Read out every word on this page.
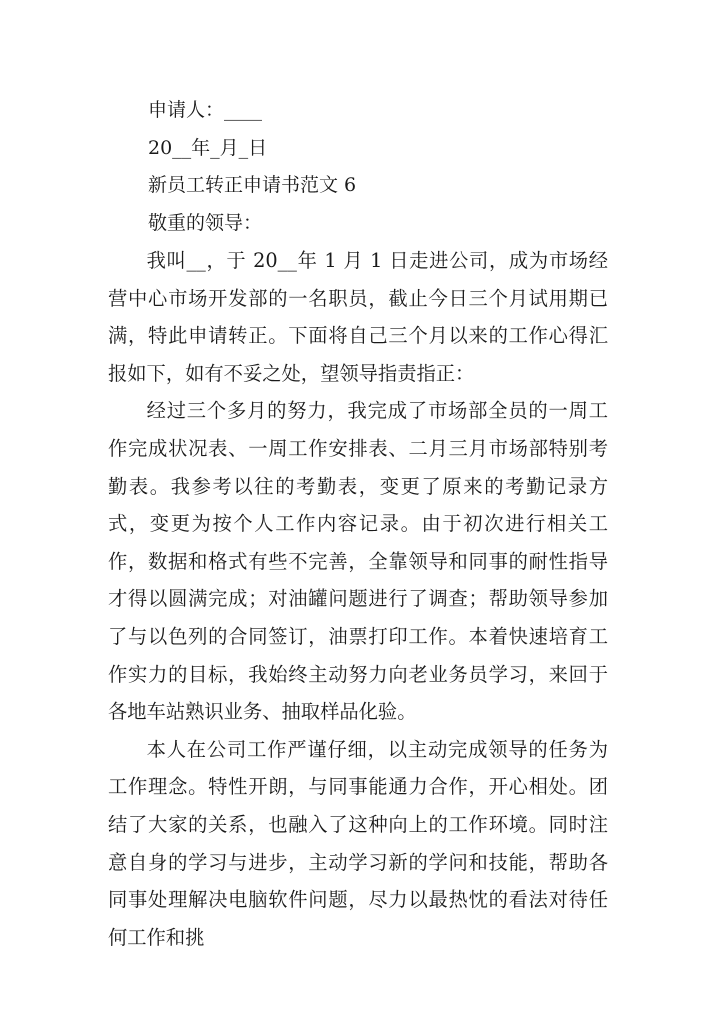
申请人：____

20__年_月_日

新员工转正申请书范文 6

敬重的领导：

我叫__，于 20__年 1 月 1 日走进公司，成为市场经营中心市场开发部的一名职员，截止今日三个月试用期已满，特此申请转正。下面将自己三个月以来的工作心得汇报如下，如有不妥之处，望领导指责指正：

经过三个多月的努力，我完成了市场部全员的一周工作完成状况表、一周工作安排表、二月三月市场部特别考勤表。我参考以往的考勤表，变更了原来的考勤记录方式，变更为按个人工作内容记录。由于初次进行相关工作，数据和格式有些不完善，全靠领导和同事的耐性指导才得以圆满完成；对油罐问题进行了调查；帮助领导参加了与以色列的合同签订，油票打印工作。本着快速培育工作实力的目标，我始终主动努力向老业务员学习，来回于各地车站熟识业务、抽取样品化验。

本人在公司工作严谨仔细，以主动完成领导的任务为工作理念。特性开朗，与同事能通力合作，开心相处。团结了大家的关系，也融入了这种向上的工作环境。同时注意自身的学习与进步，主动学习新的学问和技能，帮助各同事处理解决电脑软件问题，尽力以最热忱的看法对待任何工作和挑
